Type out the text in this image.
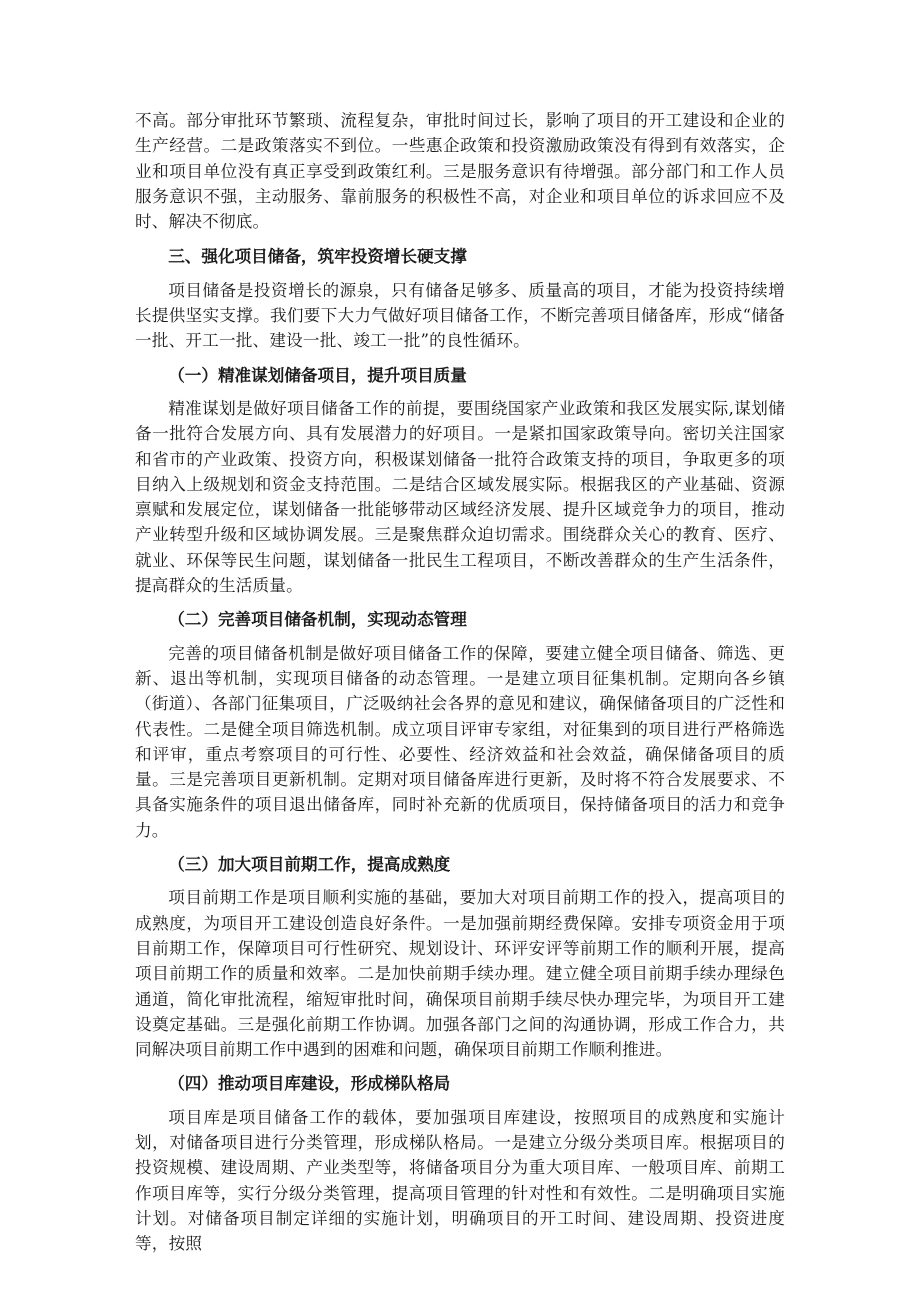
不高。部分审批环节繁琐、流程复杂，审批时间过长，影响了项目的开工建设和企业的生产经营。二是政策落实不到位。一些惠企政策和投资激励政策没有得到有效落实，企业和项目单位没有真正享受到政策红利。三是服务意识有待增强。部分部门和工作人员服务意识不强，主动服务、靠前服务的积极性不高，对企业和项目单位的诉求回应不及时、解决不彻底。

三、强化项目储备，筑牢投资增长硬支撑

项目储备是投资增长的源泉，只有储备足够多、质量高的项目，才能为投资持续增长提供坚实支撑。我们要下大力气做好项目储备工作，不断完善项目储备库，形成“储备一批、开工一批、建设一批、竣工一批”的良性循环。

（一）精准谋划储备项目，提升项目质量

精准谋划是做好项目储备工作的前提，要围绕国家产业政策和我区发展实际,谋划储备一批符合发展方向、具有发展潜力的好项目。一是紧扣国家政策导向。密切关注国家和省市的产业政策、投资方向，积极谋划储备一批符合政策支持的项目，争取更多的项目纳入上级规划和资金支持范围。二是结合区域发展实际。根据我区的产业基础、资源禀赋和发展定位，谋划储备一批能够带动区域经济发展、提升区域竞争力的项目，推动产业转型升级和区域协调发展。三是聚焦群众迫切需求。围绕群众关心的教育、医疗、就业、环保等民生问题，谋划储备一批民生工程项目，不断改善群众的生产生活条件，提高群众的生活质量。

（二）完善项目储备机制，实现动态管理

完善的项目储备机制是做好项目储备工作的保障，要建立健全项目储备、筛选、更新、退出等机制，实现项目储备的动态管理。一是建立项目征集机制。定期向各乡镇（街道）、各部门征集项目，广泛吸纳社会各界的意见和建议，确保储备项目的广泛性和代表性。二是健全项目筛选机制。成立项目评审专家组，对征集到的项目进行严格筛选和评审，重点考察项目的可行性、必要性、经济效益和社会效益，确保储备项目的质量。三是完善项目更新机制。定期对项目储备库进行更新，及时将不符合发展要求、不具备实施条件的项目退出储备库，同时补充新的优质项目，保持储备项目的活力和竞争力。

（三）加大项目前期工作，提高成熟度

项目前期工作是项目顺利实施的基础，要加大对项目前期工作的投入，提高项目的成熟度，为项目开工建设创造良好条件。一是加强前期经费保障。安排专项资金用于项目前期工作，保障项目可行性研究、规划设计、环评安评等前期工作的顺利开展，提高项目前期工作的质量和效率。二是加快前期手续办理。建立健全项目前期手续办理绿色通道，简化审批流程，缩短审批时间，确保项目前期手续尽快办理完毕，为项目开工建设奠定基础。三是强化前期工作协调。加强各部门之间的沟通协调，形成工作合力，共同解决项目前期工作中遇到的困难和问题，确保项目前期工作顺利推进。

（四）推动项目库建设，形成梯队格局

项目库是项目储备工作的载体，要加强项目库建设，按照项目的成熟度和实施计划，对储备项目进行分类管理，形成梯队格局。一是建立分级分类项目库。根据项目的投资规模、建设周期、产业类型等，将储备项目分为重大项目库、一般项目库、前期工作项目库等，实行分级分类管理，提高项目管理的针对性和有效性。二是明确项目实施计划。对储备项目制定详细的实施计划，明确项目的开工时间、建设周期、投资进度等，按照
